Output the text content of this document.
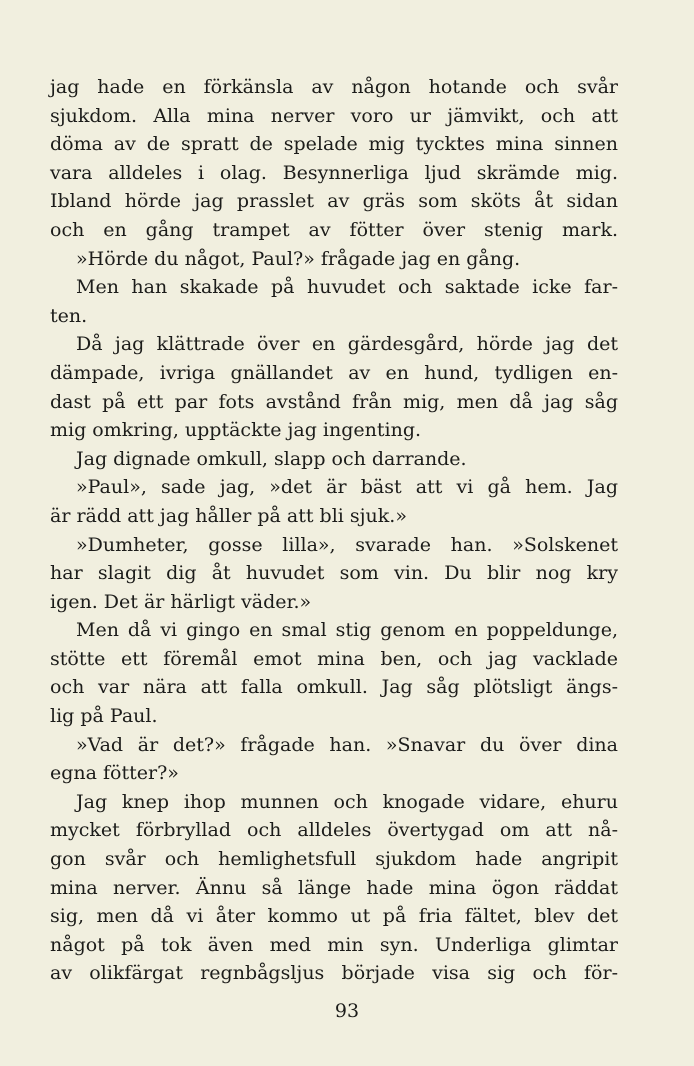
jag hade en förkänsla av någon hotande och svår
sjukdom. Alla mina nerver voro ur jämvikt, och att
döma av de spratt de spelade mig tycktes mina sinnen
vara alldeles i olag. Besynnerliga ljud skrämde mig.
Ibland hörde jag prasslet av gräs som sköts åt sidan
och en gång trampet av fötter över stenig mark.
»Hörde du något, Paul?» frågade jag en gång.
Men han skakade på huvudet och saktade icke far-
ten.
Då jag klättrade över en gärdesgård, hörde jag det
dämpade, ivriga gnällandet av en hund, tydligen en-
dast på ett par fots avstånd från mig, men då jag såg
mig omkring, upptäckte jag ingenting.
Jag dignade omkull, slapp och darrande.
»Paul», sade jag, »det är bäst att vi gå hem. Jag
är rädd att jag håller på att bli sjuk.»
»Dumheter, gosse lilla», svarade han. »Solskenet
har slagit dig åt huvudet som vin. Du blir nog kry
igen. Det är härligt väder.»
Men då vi gingo en smal stig genom en poppeldunge,
stötte ett föremål emot mina ben, och jag vacklade
och var nära att falla omkull. Jag såg plötsligt ängs-
lig på Paul.
»Vad är det?» frågade han. »Snavar du över dina
egna fötter?»
Jag knep ihop munnen och knogade vidare, ehuru
mycket förbryllad och alldeles övertygad om att nå-
gon svår och hemlighetsfull sjukdom hade angripit
mina nerver. Ännu så länge hade mina ögon räddat
sig, men då vi åter kommo ut på fria fältet, blev det
något på tok även med min syn. Underliga glimtar
av olikfärgat regnbågsljus började visa sig och för-
93
